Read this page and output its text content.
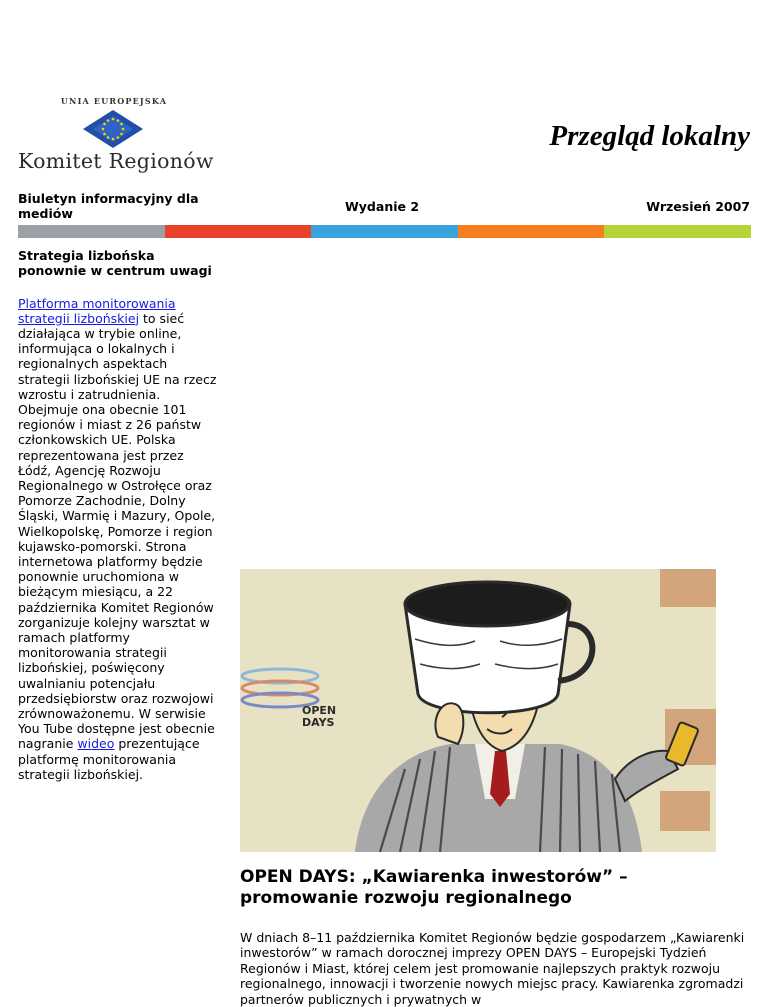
UNIA EUROPEJSKA
Komitet Regionów
Przegląd lokalny
Biuletyn informacyjny dla mediów	Wydanie 2	Wrzesień 2007
Strategia lizbońska ponownie w centrum uwagi
Platforma monitorowania strategii lizbońskiej to sieć działająca w trybie online, informująca o lokalnych i regionalnych aspektach strategii lizbońskiej UE na rzecz wzrostu i zatrudnienia. Obejmuje ona obecnie 101 regionów i miast z 26 państw członkowskich UE. Polska reprezentowana jest przez Łódź, Agencję Rozwoju Regionalnego w Ostrołęce oraz Pomorze Zachodnie, Dolny Śląski, Warmię i Mazury, Opole, Wielkopolskę, Pomorze i region kujawsko-pomorski. Strona internetowa platformy będzie ponownie uruchomiona w bieżącym miesiącu, a 22 października Komitet Regionów zorganizuje kolejny warsztat w ramach platformy monitorowania strategii lizbońskiej, poświęcony uwalnianiu potencjału przedsiębiorstw oraz rozwojowi zrównoważonemu. W serwisie You Tube dostępne jest obecnie nagranie wideo prezentujące platformę monitorowania strategii lizbońskiej.
OPEN
DAYS
OPEN DAYS: „Kawiarenka inwestorów” – promowanie rozwoju regionalnego

W dniach 8–11 października Komitet Regionów będzie gospodarzem „Kawiarenki inwestorów” w ramach dorocznej imprezy OPEN DAYS – Europejski Tydzień Regionów i Miast, której celem jest promowanie najlepszych praktyk rozwoju regionalnego, innowacji i tworzenie nowych miejsc pracy. Kawiarenka zgromadzi partnerów publicznych i prywatnych w
